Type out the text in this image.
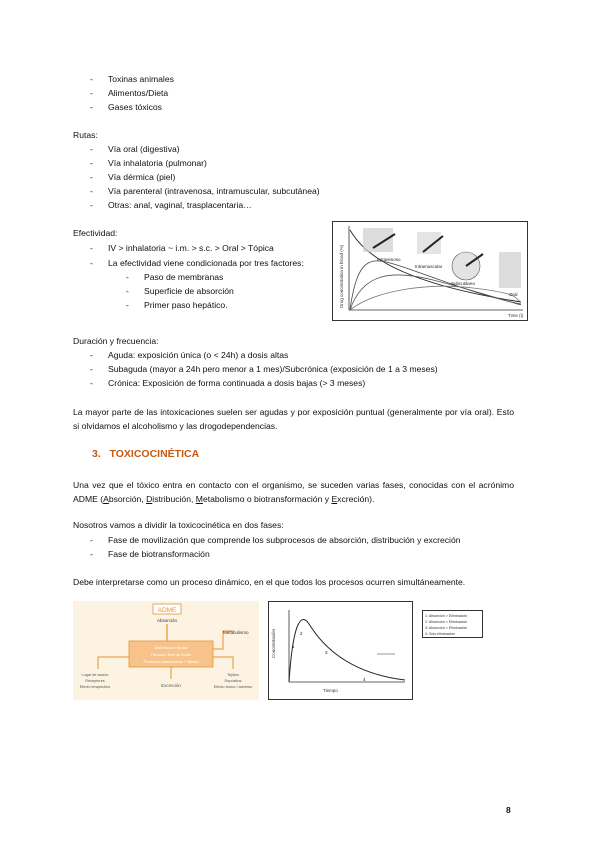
- Toxinas animales
- Alimentos/Dieta
- Gases tóxicos
Rutas:
- Vía oral (digestiva)
- Vía inhalatoria (pulmonar)
- Vía dérmica (piel)
- Vía parenteral (intravenosa, intramuscular, subcutánea)
- Otras: anal, vaginal, trasplacentaria…
Efectividad:
- IV > inhalatoria ~ i.m. > s.c. > Oral > Tópica
- La efectividad viene condicionada por tres factores:
- Paso de membranas
- Superficie de absorción
- Primer paso hepático.	Drug concentration in blood (%)
Time (t)
Intravenoso
Intramuscular
Subcutáneo
Oral
Duración y frecuencia:
- Aguda: exposición única (o < 24h) a dosis altas
- Subaguda (mayor a 24h pero menor a 1 mes)/Subcrónica (exposición de 1 a 3 meses)
- Crónica: Exposición de forma continuada a dosis bajas (> 3 meses)
La mayor parte de las intoxicaciones suelen ser agudas y por exposición puntual (generalmente por vía oral). Esto si olvidamos el alcoholismo y las drogodependencias.
3. TOXICOCINÉTICA
Una vez que el tóxico entra en contacto con el organismo, se suceden varias fases, conocidas con el acrónimo ADME (Absorción, Distribución, Metabolismo o biotransformación y Excreción).
Nosotros vamos a dividir la toxicocinética en dos fases:
- Fase de movilización que comprende los subprocesos de absorción, distribución y excreción
- Fase de biotransformación
Debe interpretarse como un proceso dinámico, en el que todos los procesos ocurren simultáneamente.
ADME
Absorción
Distribución tisular
Fármaco libre ⇄ Unido
Proteínas plasmáticas / Tejidos
Metabolismo
Lugar de acción
Receptores
Efecto terapéutico	Excreción
Tejidos
Depósitos
Efecto tóxico / adverso
Concentración
Tiempo
1
2
3
4
1: Absorción > Eliminación
2: Absorción = Eliminación
3: Absorción < Eliminación
4: Solo eliminación
8
